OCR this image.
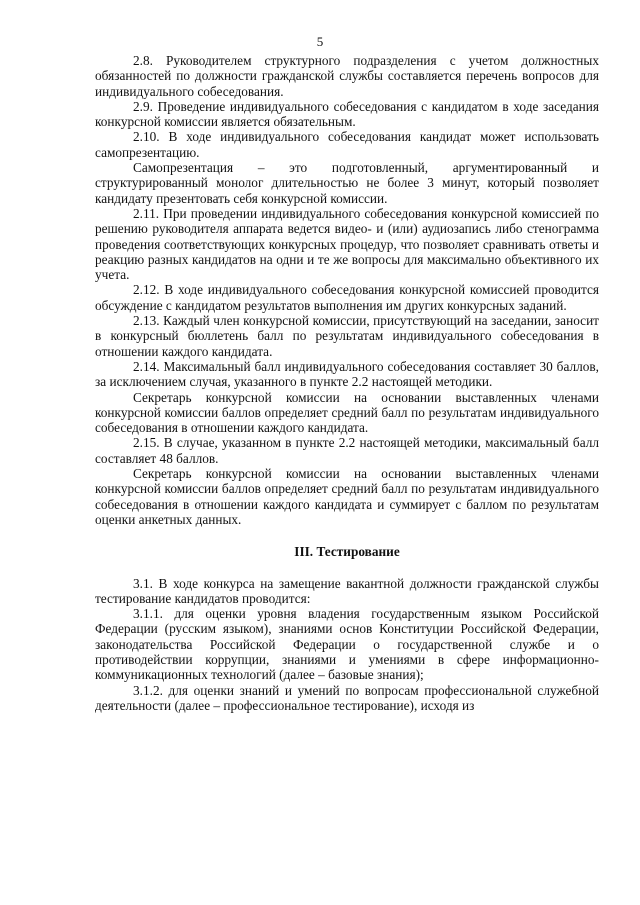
5

2.8. Руководителем структурного подразделения с учетом должностных обязанностей по должности гражданской службы составляется перечень вопросов для индивидуального собеседования.

2.9. Проведение индивидуального собеседования с кандидатом в ходе заседания конкурсной комиссии является обязательным.

2.10. В ходе индивидуального собеседования кандидат может использовать самопрезентацию.

Самопрезентация – это подготовленный, аргументированный и структурированный монолог длительностью не более 3 минут, который позволяет кандидату презентовать себя конкурсной комиссии.

2.11. При проведении индивидуального собеседования конкурсной комиссией по решению руководителя аппарата ведется видео- и (или) аудиозапись либо стенограмма проведения соответствующих конкурсных процедур, что позволяет сравнивать ответы и реакцию разных кандидатов на одни и те же вопросы для максимально объективного их учета.

2.12. В ходе индивидуального собеседования конкурсной комиссией проводится обсуждение с кандидатом результатов выполнения им других конкурсных заданий.

2.13. Каждый член конкурсной комиссии, присутствующий на заседании, заносит в конкурсный бюллетень балл по результатам индивидуального собеседования в отношении каждого кандидата.

2.14. Максимальный балл индивидуального собеседования составляет 30 баллов, за исключением случая, указанного в пункте 2.2 настоящей методики.

Секретарь конкурсной комиссии на основании выставленных членами конкурсной комиссии баллов определяет средний балл по результатам индивидуального собеседования в отношении каждого кандидата.

2.15. В случае, указанном в пункте 2.2 настоящей методики, максимальный балл составляет 48 баллов.

Секретарь конкурсной комиссии на основании выставленных членами конкурсной комиссии баллов определяет средний балл по результатам индивидуального собеседования в отношении каждого кандидата и суммирует с баллом по результатам оценки анкетных данных.

III. Тестирование

3.1. В ходе конкурса на замещение вакантной должности гражданской службы тестирование кандидатов проводится:

3.1.1. для оценки уровня владения государственным языком Российской Федерации (русским языком), знаниями основ Конституции Российской Федерации, законодательства Российской Федерации о государственной службе и о противодействии коррупции, знаниями и умениями в сфере информационно-коммуникационных технологий (далее – базовые знания);

3.1.2. для оценки знаний и умений по вопросам профессиональной служебной деятельности (далее – профессиональное тестирование), исходя из
